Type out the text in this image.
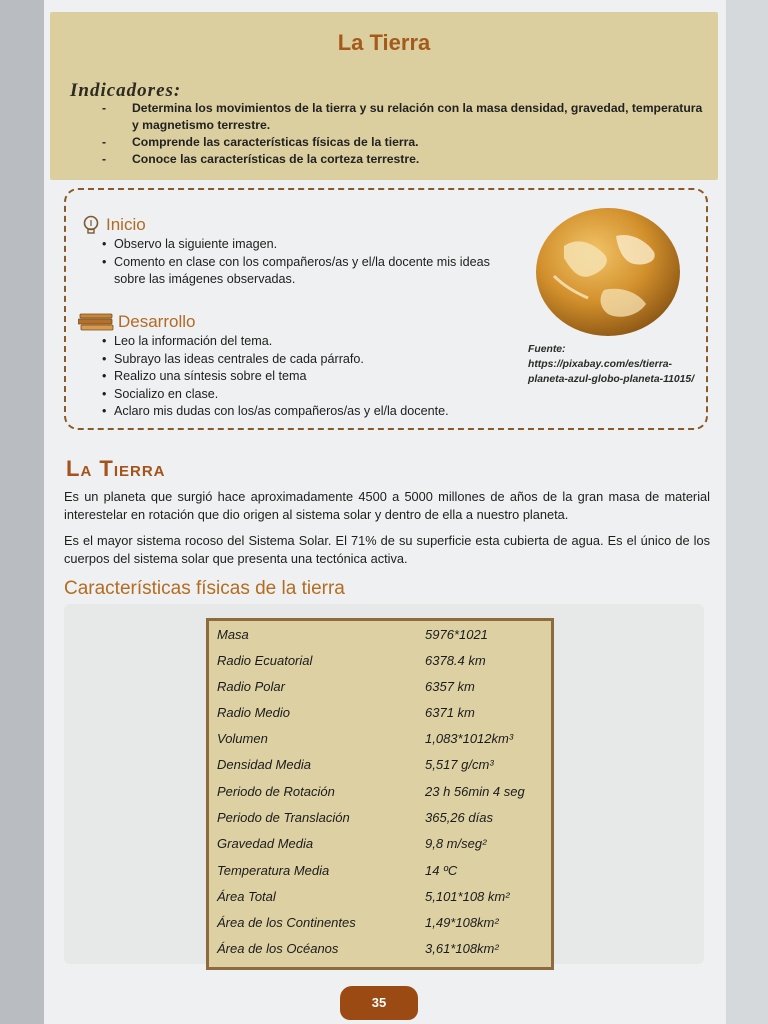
La Tierra
Indicadores:
- Determina los movimientos de la tierra y su relación con la masa densidad, gravedad, temperatura y magnetismo terrestre.
- Comprende las características físicas de la tierra.
- Conoce las características de la corteza terrestre.
Inicio
• Observo la siguiente imagen.
• Comento en clase con los compañeros/as y el/la docente mis ideas sobre las imágenes observadas.
Desarrollo
• Leo la información del tema.
• Subrayo las ideas centrales de cada párrafo.
• Realizo una síntesis sobre el tema
• Socializo en clase.
• Aclaro mis dudas con los/as compañeros/as y el/la docente.
Fuente: https://pixabay.com/es/tierra-planeta-azul-globo-planeta-11015/
La Tierra
Es un planeta que surgió hace aproximadamente 4500 a 5000 millones de años de la gran masa de material interestelar en rotación que dio origen al sistema solar y dentro de ella a nuestro planeta.
Es el mayor sistema rocoso del Sistema Solar. El 71% de su superficie esta cubierta de agua. Es el único de los cuerpos del sistema solar que presenta una tectónica activa.
Características físicas de la tierra
Masa	5976*1021
Radio Ecuatorial	6378.4 km
Radio Polar	6357 km
Radio Medio	6371 km
Volumen	1,083*1012km³
Densidad Media	5,517 g/cm³
Periodo de Rotación	23 h 56min 4 seg
Periodo de Translación	365,26 días
Gravedad Media	9,8 m/seg²
Temperatura Media	14 ºC
Área Total	5,101*108 km²
Área de los Continentes	1,49*108km²
Área de los Océanos	3,61*108km²
35
